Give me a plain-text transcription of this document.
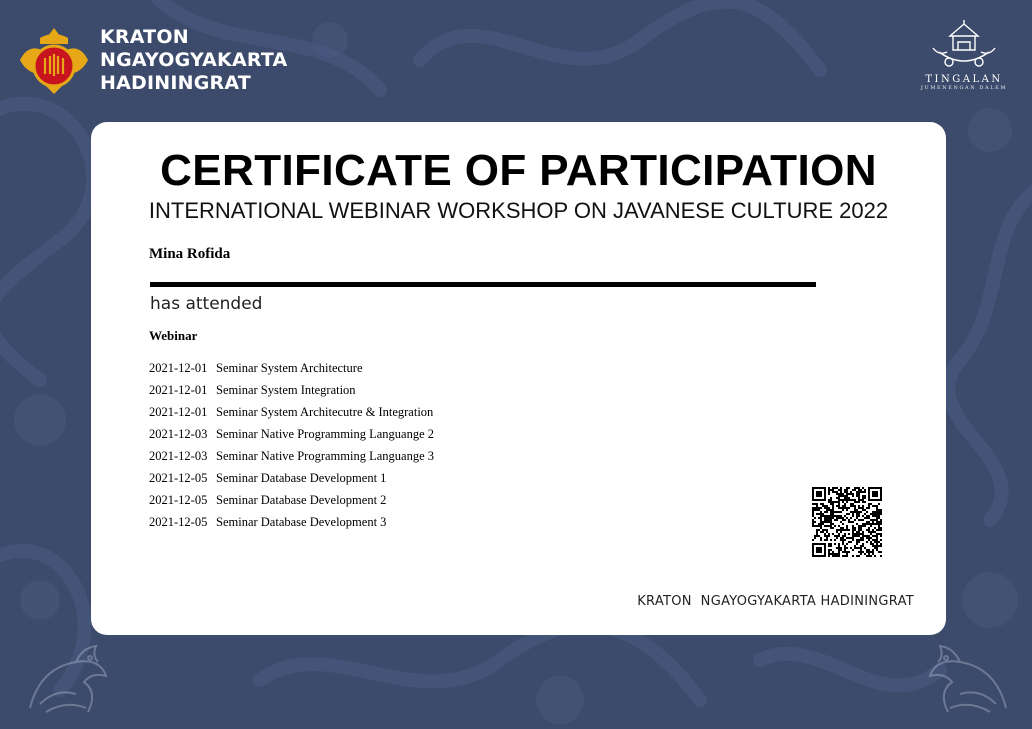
KRATON
NGAYOGYAKARTA
HADININGRAT	TINGALAN
JUMENENGAN DALEM
CERTIFICATE OF PARTICIPATION
INTERNATIONAL WEBINAR WORKSHOP ON JAVANESE CULTURE 2022
Mina Rofida
has attended
Webinar
2021-12-01 Seminar System Architecture
2021-12-01 Seminar System Integration
2021-12-01 Seminar System Architecutre & Integration
2021-12-03 Seminar Native Programming Languange 2
2021-12-03 Seminar Native Programming Languange 3
2021-12-05 Seminar Database Development 1
2021-12-05 Seminar Database Development 2
2021-12-05 Seminar Database Development 3
KRATON  NGAYOGYAKARTA HADININGRAT
